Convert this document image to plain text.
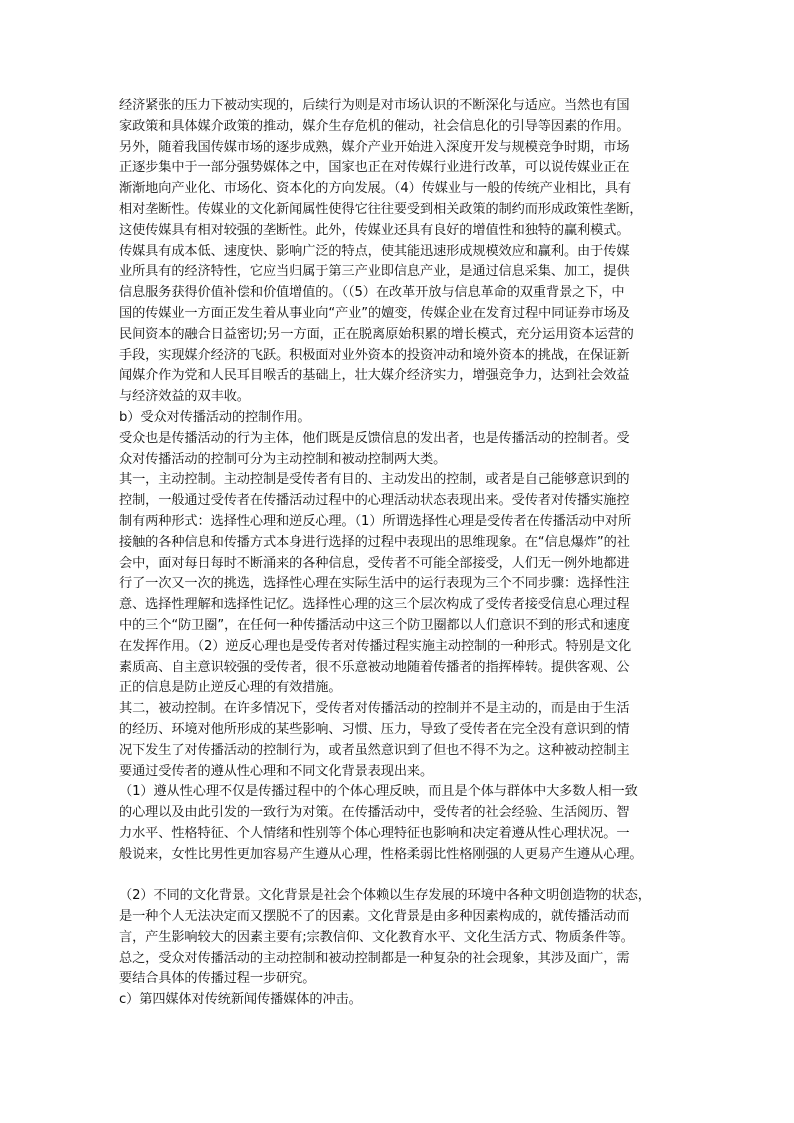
经济紧张的压力下被动实现的，后续行为则是对市场认识的不断深化与适应。当然也有国
家政策和具体媒介政策的推动，媒介生存危机的催动，社会信息化的引导等因素的作用。
另外，随着我国传媒市场的逐步成熟，媒介产业开始进入深度开发与规模竞争时期，市场
正逐步集中于一部分强势媒体之中，国家也正在对传媒行业进行改革，可以说传媒业正在
渐渐地向产业化、市场化、资本化的方向发展。（4）传媒业与一般的传统产业相比，具有
相对垄断性。传媒业的文化新闻属性使得它往往要受到相关政策的制约而形成政策性垄断，
这使传媒具有相对较强的垄断性。此外，传媒业还具有良好的增值性和独特的赢利模式。
传媒具有成本低、速度快、影响广泛的特点，使其能迅速形成规模效应和赢利。由于传媒
业所具有的经济特性，它应当归属于第三产业即信息产业，是通过信息采集、加工，提供
信息服务获得价值补偿和价值增值的。（（5）在改革开放与信息革命的双重背景之下，中
国的传媒业一方面正发生着从事业向“产业”的嬗变，传媒企业在发育过程中同证券市场及
民间资本的融合日益密切;另一方面，正在脱离原始积累的增长模式，充分运用资本运营的
手段，实现媒介经济的飞跃。积极面对业外资本的投资冲动和境外资本的挑战，在保证新
闻媒介作为党和人民耳目喉舌的基础上，壮大媒介经济实力，增强竞争力，达到社会效益
与经济效益的双丰收。
b）受众对传播活动的控制作用。
受众也是传播活动的行为主体，他们既是反馈信息的发出者，也是传播活动的控制者。受
众对传播活动的控制可分为主动控制和被动控制两大类。
其一，主动控制。主动控制是受传者有目的、主动发出的控制，或者是自己能够意识到的
控制，一般通过受传者在传播活动过程中的心理活动状态表现出来。受传者对传播实施控
制有两种形式：选择性心理和逆反心理。（1）所谓选择性心理是受传者在传播活动中对所
接触的各种信息和传播方式本身进行选择的过程中表现出的思维现象。在“信息爆炸”的社
会中，面对每日每时不断涌来的各种信息，受传者不可能全部接受，人们无一例外地都进
行了一次又一次的挑选，选择性心理在实际生活中的运行表现为三个不同步骤：选择性注
意、选择性理解和选择性记忆。选择性心理的这三个层次构成了受传者接受信息心理过程
中的三个“防卫圈”，在任何一种传播活动中这三个防卫圈都以人们意识不到的形式和速度
在发挥作用。（2）逆反心理也是受传者对传播过程实施主动控制的一种形式。特别是文化
素质高、自主意识较强的受传者，很不乐意被动地随着传播者的指挥棒转。提供客观、公
正的信息是防止逆反心理的有效措施。
其二，被动控制。在许多情况下，受传者对传播活动的控制并不是主动的，而是由于生活
的经历、环境对他所形成的某些影响、习惯、压力，导致了受传者在完全没有意识到的情
况下发生了对传播活动的控制行为，或者虽然意识到了但也不得不为之。这种被动控制主
要通过受传者的遵从性心理和不同文化背景表现出来。
（1）遵从性心理不仅是传播过程中的个体心理反映，而且是个体与群体中大多数人相一致
的心理以及由此引发的一致行为对策。在传播活动中，受传者的社会经验、生活阅历、智
力水平、性格特征、个人情绪和性别等个体心理特征也影响和决定着遵从性心理状况。一
般说来，女性比男性更加容易产生遵从心理，性格柔弱比性格刚强的人更易产生遵从心理。
（2）不同的文化背景。文化背景是社会个体赖以生存发展的环境中各种文明创造物的状态，
是一种个人无法决定而又摆脱不了的因素。文化背景是由多种因素构成的，就传播活动而
言，产生影响较大的因素主要有;宗教信仰、文化教育水平、文化生活方式、物质条件等。
总之，受众对传播活动的主动控制和被动控制都是一种复杂的社会现象，其涉及面广，需
要结合具体的传播过程一步研究。
c）第四媒体对传统新闻传播媒体的冲击。
